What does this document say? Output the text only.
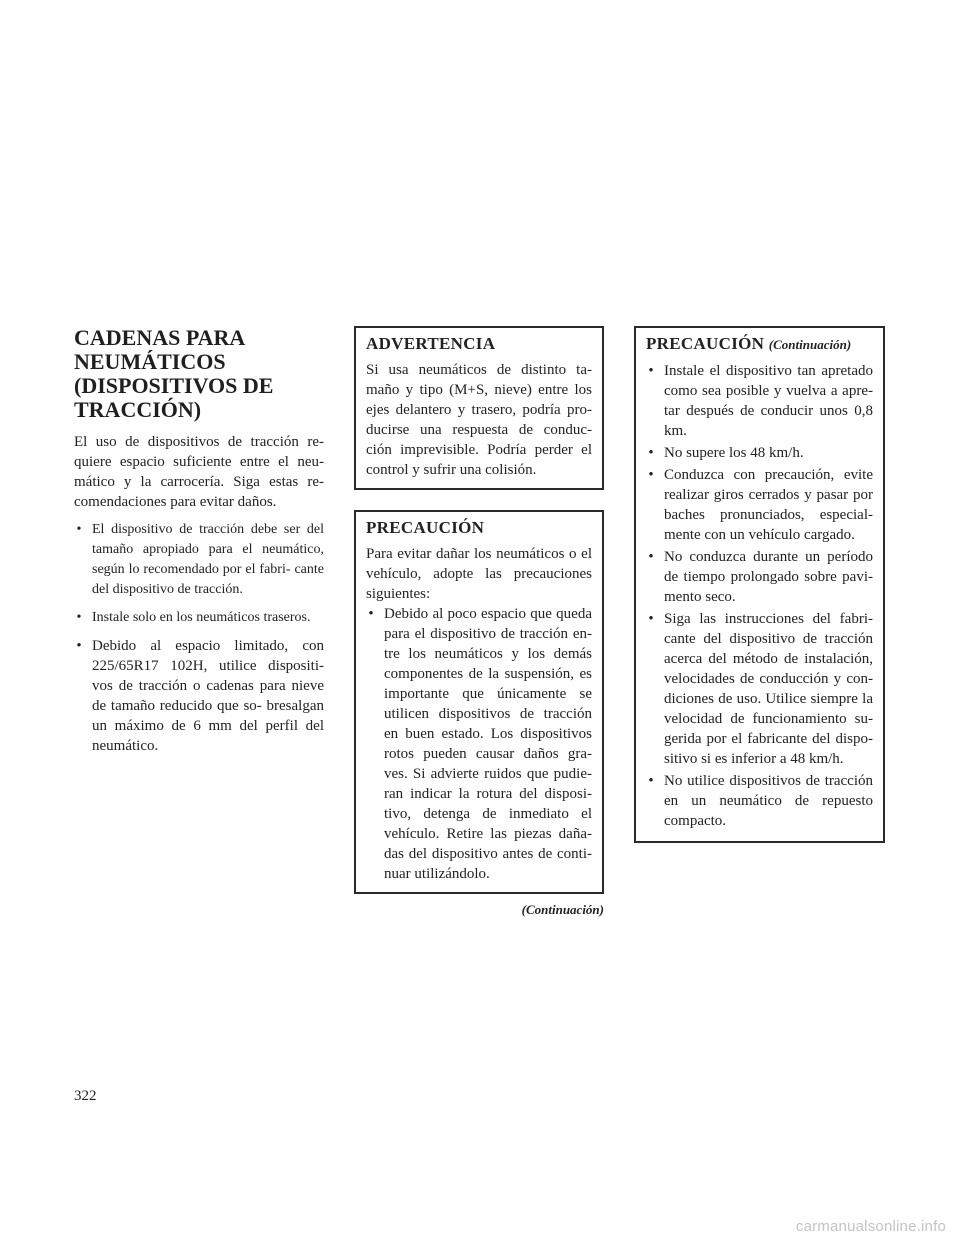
CADENAS PARA
NEUMÁTICOS
(DISPOSITIVOS DE
TRACCIÓN)

El uso de dispositivos de tracción re- quiere espacio suficiente entre el neu- mático y la carrocería. Siga estas re- comendaciones para evitar daños.

• El dispositivo de tracción debe ser del tamaño apropiado para el neumático, según lo recomendado por el fabri- cante del dispositivo de tracción.
• Instale solo en los neumáticos traseros.
• Debido al espacio limitado, con 225/65R17 102H, utilice dispositi- vos de tracción o cadenas para nieve de tamaño reducido que so- bresalgan un máximo de 6 mm del perfil del neumático.
ADVERTENCIA

Si usa neumáticos de distinto ta- maño y tipo (M+S, nieve) entre los ejes delantero y trasero, podría pro- ducirse una respuesta de conduc- ción imprevisible. Podría perder el control y sufrir una colisión.

PRECAUCIÓN

Para evitar dañar los neumáticos o el vehículo, adopte las precauciones siguientes:

• Debido al poco espacio que queda para el dispositivo de tracción en- tre los neumáticos y los demás componentes de la suspensión, es importante que únicamente se utilicen dispositivos de tracción en buen estado. Los dispositivos rotos pueden causar daños gra- ves. Si advierte ruidos que pudie- ran indicar la rotura del disposi- tivo, detenga de inmediato el vehículo. Retire las piezas daña- das del dispositivo antes de conti- nuar utilizándolo.
(Continuación)
PRECAUCIÓN (Continuación)
• Instale el dispositivo tan apretado como sea posible y vuelva a apre- tar después de conducir unos 0,8 km.
• No supere los 48 km/h.
• Conduzca con precaución, evite realizar giros cerrados y pasar por baches pronunciados, especial- mente con un vehículo cargado.
• No conduzca durante un período de tiempo prolongado sobre pavi- mento seco.
• Siga las instrucciones del fabri- cante del dispositivo de tracción acerca del método de instalación, velocidades de conducción y con- diciones de uso. Utilice siempre la velocidad de funcionamiento su- gerida por el fabricante del dispo- sitivo si es inferior a 48 km/h.
• No utilice dispositivos de tracción en un neumático de repuesto compacto.
322
carmanualsonline.info
